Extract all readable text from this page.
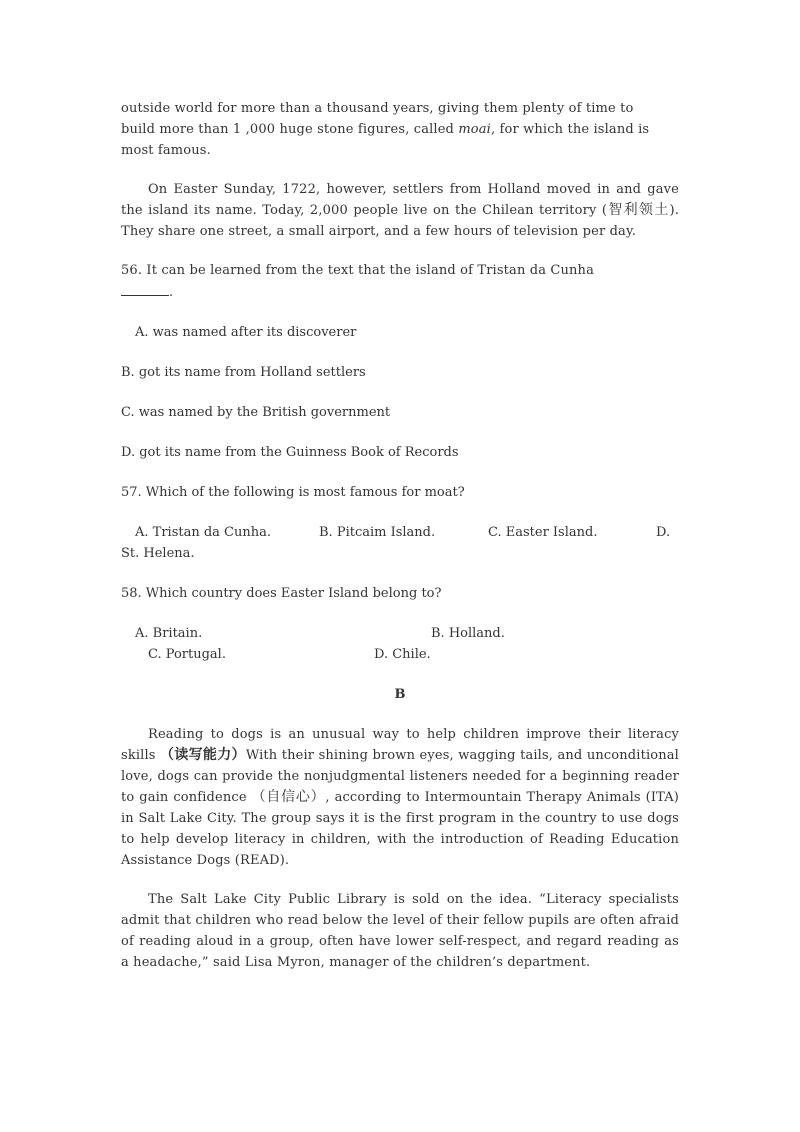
outside world for more than a thousand years, giving them plenty of time to
build more than 1 ,000 huge stone figures, called moai, for which the island is
most famous.

On Easter Sunday, 1722, however, settlers from Holland moved in and gave the island its name. Today, 2,000 people live on the Chilean territory (智利领土). They share one street, a small airport, and a few hours of television per day.

56. It can be learned from the text that the island of Tristan da Cunha
.

A. was named after its discoverer

B. got its name from Holland settlers

C. was named by the British government

D. got its name from the Guinness Book of Records

57. Which of the following is most famous for moat?

A. Tristan da Cunha.	B. Pitcaim Island.	C. Easter Island.	D.

St. Helena.

58. Which country does Easter Island belong to?

A. Britain.	B. Holland.
C. Portugal.	D. Chile.

B

Reading to dogs is an unusual way to help children improve their literacy skills （读写能力）With their shining brown eyes, wagging tails, and unconditional love, dogs can provide the nonjudgmental listeners needed for a beginning reader to gain confidence （自信心）, according to Intermountain Therapy Animals (ITA) in Salt Lake City. The group says it is the first program in the country to use dogs to help develop literacy in children, with the introduction of Reading Education Assistance Dogs (READ).

The Salt Lake City Public Library is sold on the idea. “Literacy specialists admit that children who read below the level of their fellow pupils are often afraid of reading aloud in a group, often have lower self-respect, and regard reading as a headache,” said Lisa Myron, manager of the children’s department.
